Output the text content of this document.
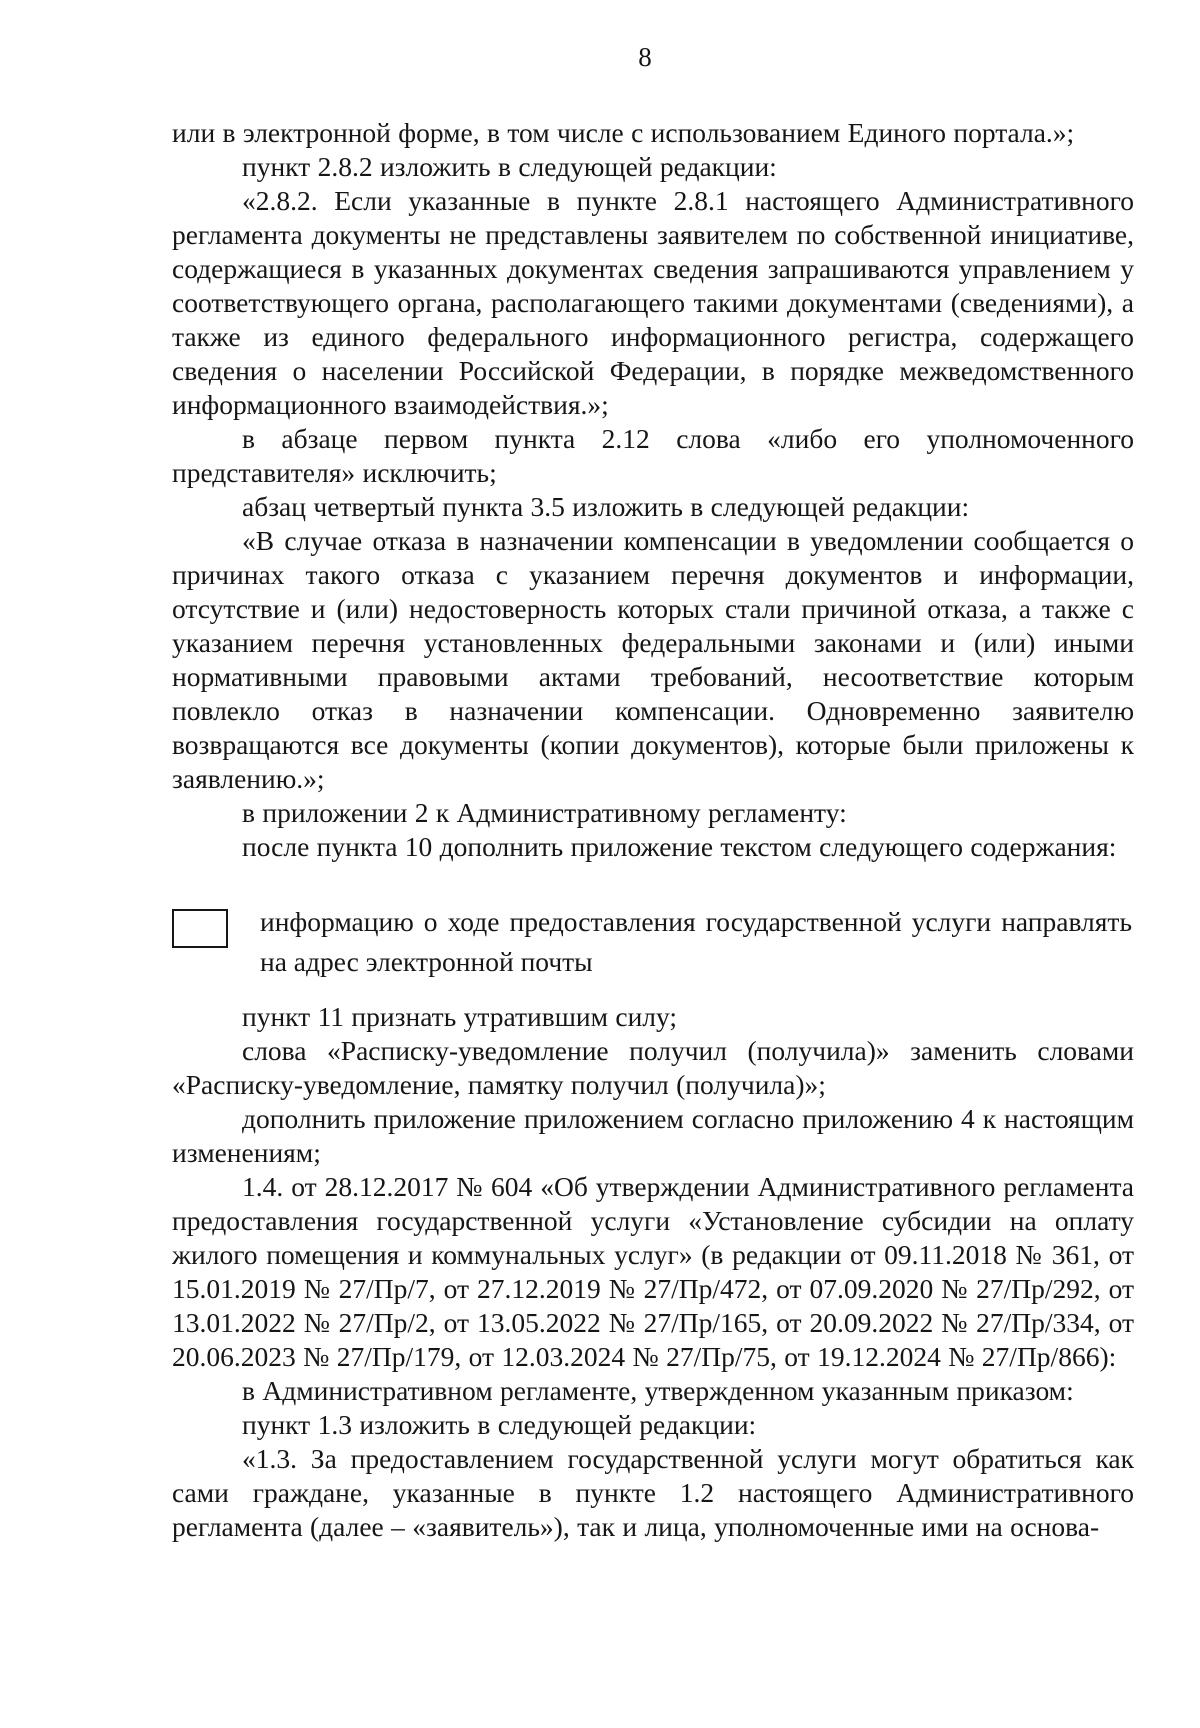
8

или в электронной форме, в том числе с использованием Единого портала.»;

пункт 2.8.2 изложить в следующей редакции:

«2.8.2. Если указанные в пункте 2.8.1 настоящего Административного регламента документы не представлены заявителем по собственной инициативе, содержащиеся в указанных документах сведения запрашиваются управлением у соответствующего органа, располагающего такими документами (сведениями), а также из единого федерального информационного регистра, содержащего сведения о населении Российской Федерации, в порядке межведомственного информационного взаимодействия.»;

в абзаце первом пункта 2.12 слова «либо его уполномоченного представителя» исключить;

абзац четвертый пункта 3.5 изложить в следующей редакции:

«В случае отказа в назначении компенсации в уведомлении сообщается о причинах такого отказа с указанием перечня документов и информации, отсутствие и (или) недостоверность которых стали причиной отказа, а также с указанием перечня установленных федеральными законами и (или) иными нормативными правовыми актами требований, несоответствие которым повлекло отказ в назначении компенсации. Одновременно заявителю возвращаются все документы (копии документов), которые были приложены к заявлению.»;

в приложении 2 к Административному регламенту:

после пункта 10 дополнить приложение текстом следующего содержания:

информацию о ходе предоставления государственной услуги направлять на адрес электронной почты

пункт 11 признать утратившим силу;

слова «Расписку-уведомление получил (получила)» заменить словами «Расписку-уведомление, памятку получил (получила)»;

дополнить приложение приложением согласно приложению 4 к настоящим изменениям;

1.4. от 28.12.2017 № 604 «Об утверждении Административного регламента предоставления государственной услуги «Установление субсидии на оплату жилого помещения и коммунальных услуг» (в редакции от 09.11.2018 № 361, от 15.01.2019 № 27/Пр/7, от 27.12.2019 № 27/Пр/472, от 07.09.2020 № 27/Пр/292, от 13.01.2022 № 27/Пр/2, от 13.05.2022 № 27/Пр/165, от 20.09.2022 № 27/Пр/334, от 20.06.2023 № 27/Пр/179, от 12.03.2024 № 27/Пр/75, от 19.12.2024 № 27/Пр/866):

в Административном регламенте, утвержденном указанным приказом:

пункт 1.3 изложить в следующей редакции:

«1.3. За предоставлением государственной услуги могут обратиться как сами граждане, указанные в пункте 1.2 настоящего Административного регламента (далее – «заявитель»), так и лица, уполномоченные ими на основа-
